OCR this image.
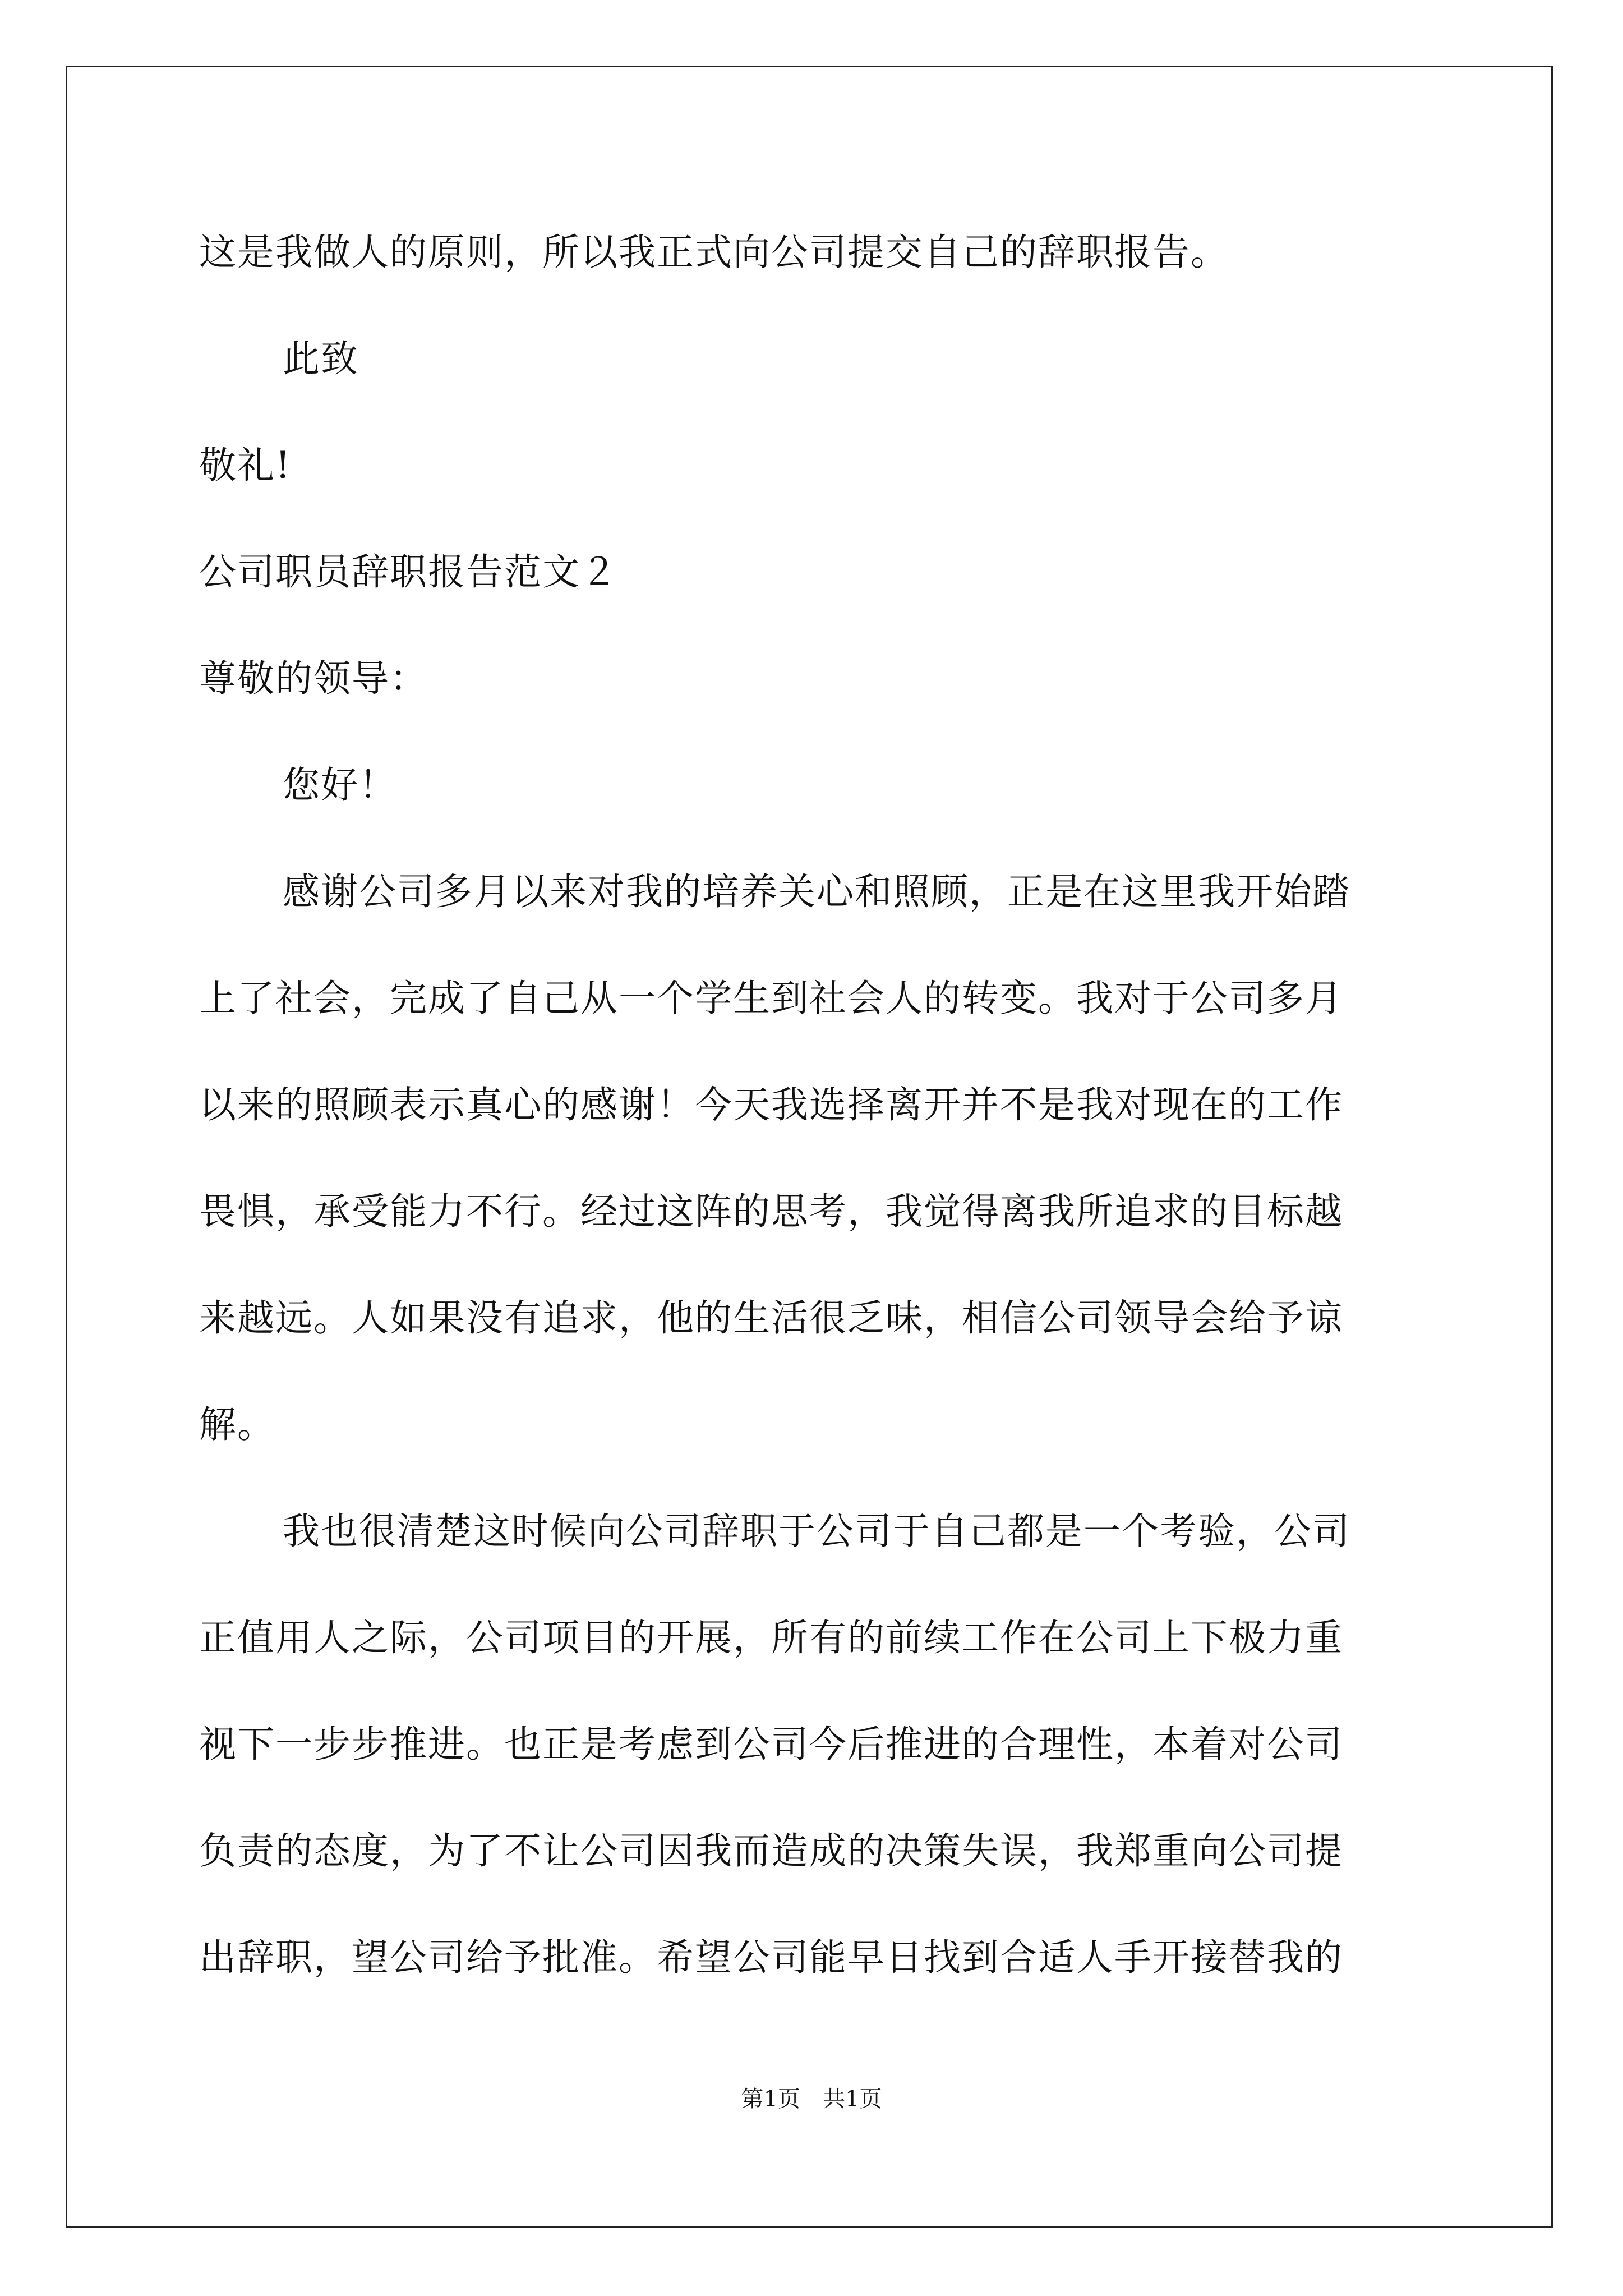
这是我做人的原则，所以我正式向公司提交自己的辞职报告。
此致
敬礼!
公司职员辞职报告范文２
尊敬的领导：
您好！
感谢公司多月以来对我的培养关心和照顾，正是在这里我开始踏
上了社会，完成了自己从一个学生到社会人的转变。我对于公司多月
以来的照顾表示真心的感谢！今天我选择离开并不是我对现在的工作
畏惧，承受能力不行。经过这阵的思考，我觉得离我所追求的目标越
来越远。人如果没有追求，他的生活很乏味，相信公司领导会给予谅
解。
我也很清楚这时候向公司辞职于公司于自己都是一个考验，公司
正值用人之际，公司项目的开展，所有的前续工作在公司上下极力重
视下一步步推进。也正是考虑到公司今后推进的合理性，本着对公司
负责的态度，为了不让公司因我而造成的决策失误，我郑重向公司提
出辞职，望公司给予批准。希望公司能早日找到合适人手开接替我的
第1页　共1页
